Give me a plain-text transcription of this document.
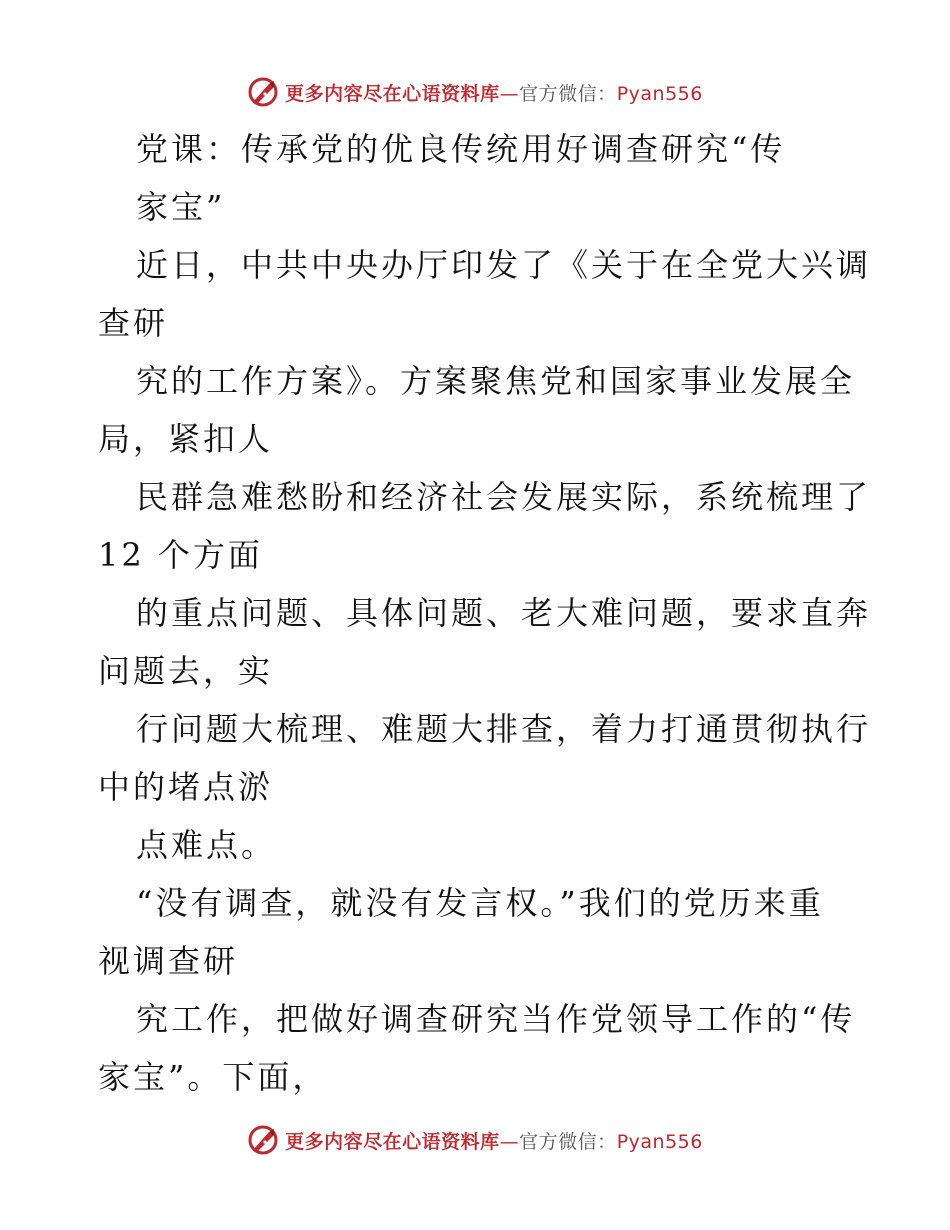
更多内容尽在心语资料库—官方微信：Pyan556
党课：传承党的优良传统用好调查研究“传
家宝”
近日，中共中央办厅印发了《关于在全党大兴调
查研
究的工作方案》。方案聚焦党和国家事业发展全
局，紧扣人
民群急难愁盼和经济社会发展实际，系统梳理了
12 个方面
的重点问题、具体问题、老大难问题，要求直奔
问题去，实
行问题大梳理、难题大排查，着力打通贯彻执行
中的堵点淤
点难点。
“没有调查，就没有发言权。”我们的党历来重
视调查研
究工作，把做好调查研究当作党领导工作的“传
家宝”。下面，
更多内容尽在心语资料库—官方微信：Pyan556
